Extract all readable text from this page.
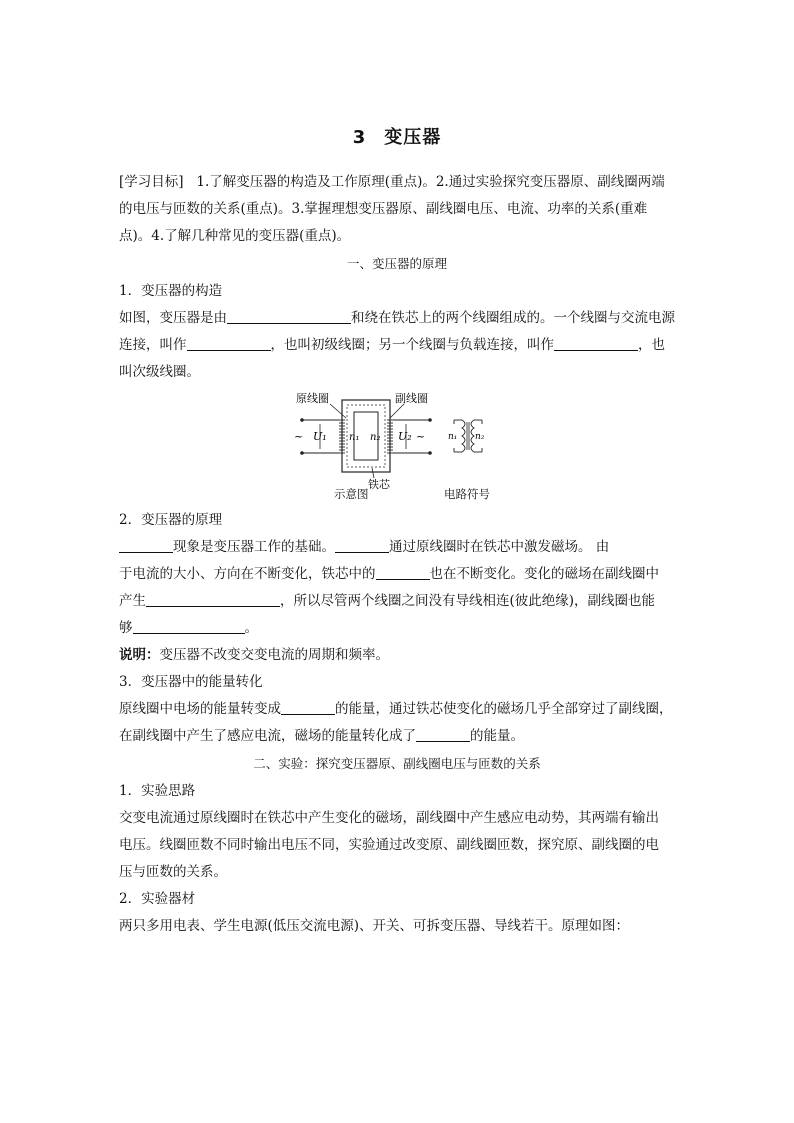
3 变压器
[学习目标] 1.了解变压器的构造及工作原理(重点)。2.通过实验探究变压器原、副线圈两端
的电压与匝数的关系(重点)。3.掌握理想变压器原、副线圈电压、电流、功率的关系(重难
点)。4.了解几种常见的变压器(重点)。
一、变压器的原理
1．变压器的构造
如图，变压器是由	和绕在铁芯上的两个线圈组成的。一个线圈与交流电源
连接，叫作	，也叫初级线圈；另一个线圈与负载连接，叫作	，也
叫次级线圈。
原线圈	副线圈
~ U₁ n₁ n₂ U₂ ~
铁芯
n₁ n₂
示意图	电路符号
2．变压器的原理
现象是变压器工作的基础。	通过原线圈时在铁芯中激发磁场。 由
于电流的大小、方向在不断变化，铁芯中的	也在不断变化。变化的磁场在副线圈中
产生	，所以尽管两个线圈之间没有导线相连(彼此绝缘)，副线圈也能
够	。
说明：变压器不改变交变电流的周期和频率。
3．变压器中的能量转化
原线圈中电场的能量转变成	的能量，通过铁芯使变化的磁场几乎全部穿过了副线圈，
在副线圈中产生了感应电流，磁场的能量转化成了	的能量。
二、实验：探究变压器原、副线圈电压与匝数的关系
1．实验思路
交变电流通过原线圈时在铁芯中产生变化的磁场，副线圈中产生感应电动势，其两端有输出
电压。线圈匝数不同时输出电压不同，实验通过改变原、副线圈匝数，探究原、副线圈的电
压与匝数的关系。
2．实验器材
两只多用电表、学生电源(低压交流电源)、开关、可拆变压器、导线若干。原理如图：
